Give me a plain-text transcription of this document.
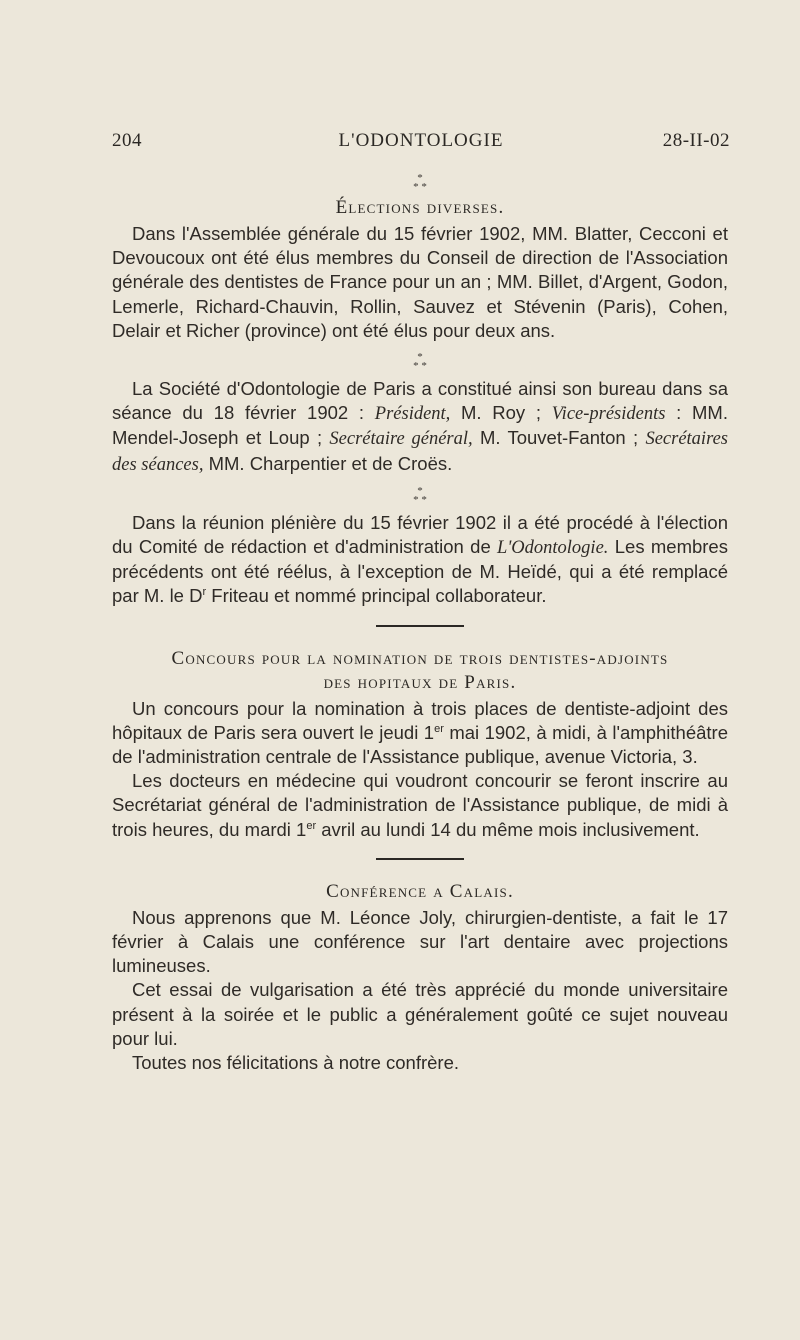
204	L'ODONTOLOGIE	28-II-02
*
* *
Élections diverses.

Dans l'Assemblée générale du 15 février 1902, MM. Blatter, Cecconi et Devoucoux ont été élus membres du Conseil de direction de l'Association générale des dentistes de France pour un an ; MM. Billet, d'Argent, Godon, Lemerle, Richard-Chauvin, Rollin, Sauvez et Stévenin (Paris), Cohen, Delair et Richer (province) ont été élus pour deux ans.

*
* *

La Société d'Odontologie de Paris a constitué ainsi son bureau dans sa séance du 18 février 1902 : Président, M. Roy ; Vice-présidents : MM. Mendel-Joseph et Loup ; Secrétaire général, M. Touvet-Fanton ; Secrétaires des séances, MM. Charpentier et de Croës.

*
* *

Dans la réunion plénière du 15 février 1902 il a été procédé à l'élection du Comité de rédaction et d'administration de L'Odontologie. Les membres précédents ont été réélus, à l'exception de M. Heïdé, qui a été remplacé par M. le $D^r$ Friteau et nommé principal collaborateur.

Concours pour la nomination de trois dentistes-adjoints
des hopitaux de Paris.

Un concours pour la nomination à trois places de dentiste-adjoint des hôpitaux de Paris sera ouvert le jeudi 1er mai 1902, à midi, à l'amphithéâtre de l'administration centrale de l'Assistance publique, avenue Victoria, 3.

Les docteurs en médecine qui voudront concourir se feront inscrire au Secrétariat général de l'administration de l'Assistance publique, de midi à trois heures, du mardi 1er avril au lundi 14 du même mois inclusivement.

Conférence a Calais.

Nous apprenons que M. Léonce Joly, chirurgien-dentiste, a fait le 17 février à Calais une conférence sur l'art dentaire avec projections lumineuses.

Cet essai de vulgarisation a été très apprécié du monde universitaire présent à la soirée et le public a généralement goûté ce sujet nouveau pour lui.

Toutes nos félicitations à notre confrère.
